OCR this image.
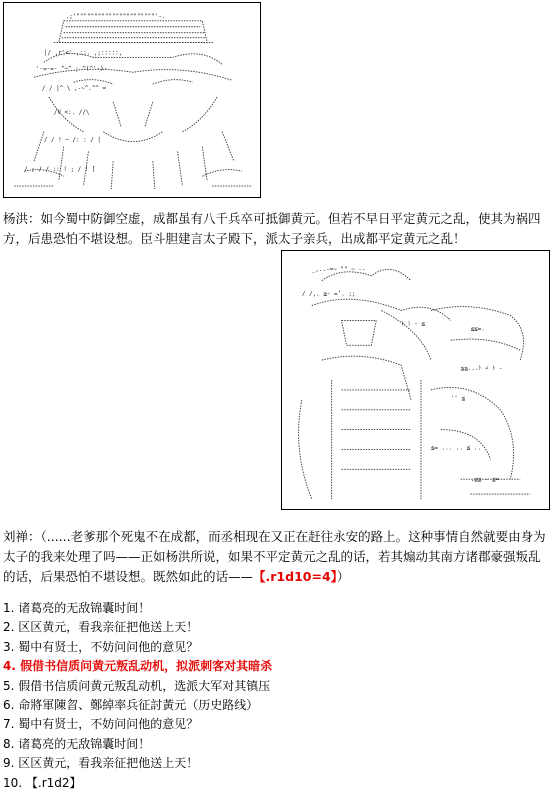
.;'""""""""""""""""""""""'-.
|/ ,r'<' ,::. ,;:::::,
'-=-=- ^~^ ; ^(^'-)-
/ / |^ \ ,-~^.^^ =
/V <:. //\
/ / ! ~ /: : / |
/ ; / / :: ! ; / ! [

杨洪：如今蜀中防御空虚，成都虽有八千兵卒可抵御黄元。但若不早日平定黄元之乱，使其为祸四方，后患恐怕不堪设想。臣斗胆建言太子殿下，派太子亲兵，出成都平定黄元之乱！

_,..-=~ "" ~ ‐-
/ /,. ≧- =’. ;;
ﾄ ﾐ ‐ ≦
≦≦=.
≦≦...ﾄ ∠ ﾄ ‐
'' ≦
≦= ... .. ≦ ..
.≦≦ ‐ ≦=

刘禅：（......老爹那个死鬼不在成都，而丞相现在又正在赶往永安的路上。这种事情自然就要由身为太子的我来处理了吗——正如杨洪所说，如果不平定黄元之乱的话，若其煽动其南方诸郡豪强叛乱的话，后果恐怕不堪设想。既然如此的话——【.r1d10=4】）

1. 诸葛亮的无敌锦囊时间！
2. 区区黄元，看我亲征把他送上天！
3. 蜀中有贤士，不妨问问他的意见？
4. 假借书信质问黄元叛乱动机，拟派刺客对其暗杀
5. 假借书信质问黄元叛乱动机，选派大军对其镇压
6. 命將軍陳曶、鄭綽率兵征討黃元（历史路线）
7. 蜀中有贤士，不妨问问他的意见？
8. 诸葛亮的无敌锦囊时间！
9. 区区黄元，看我亲征把他送上天！
10. 【.r1d2】
